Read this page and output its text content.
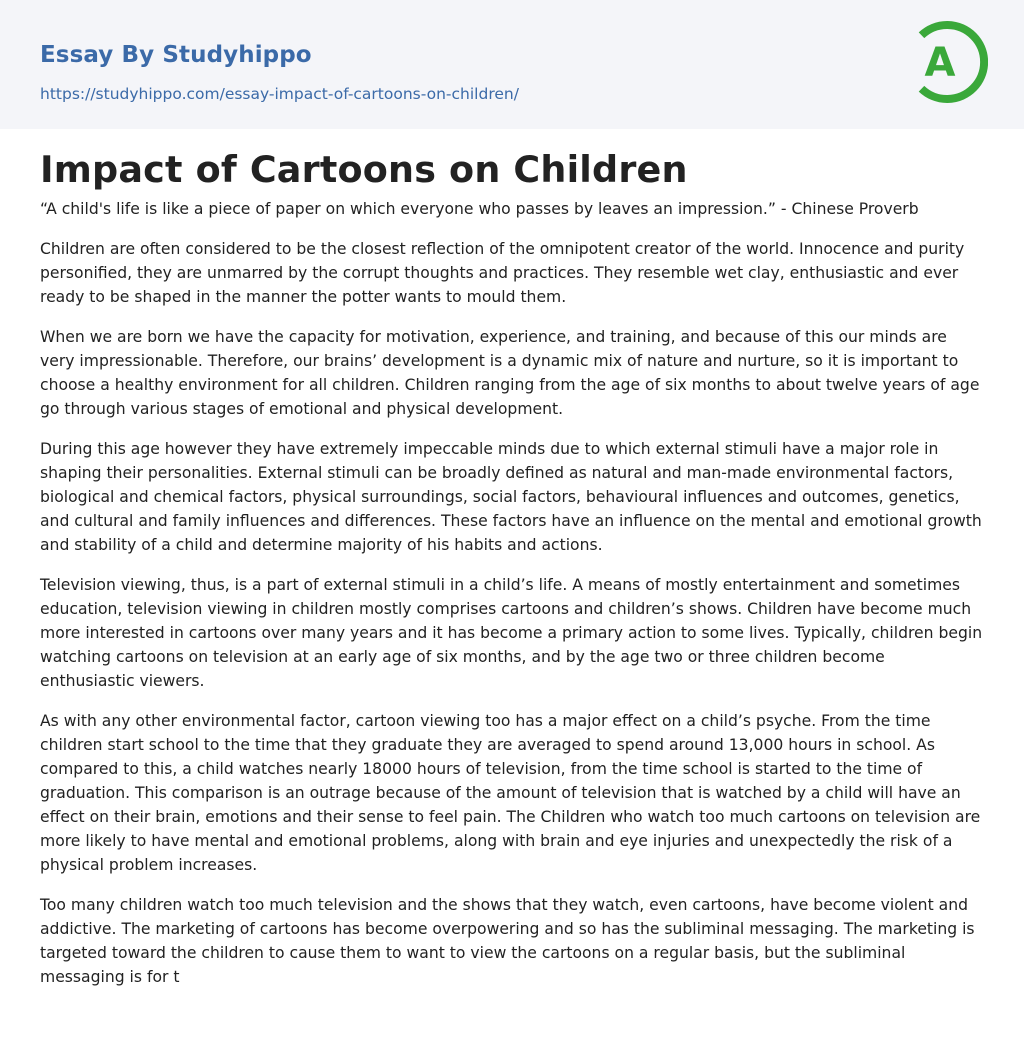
Essay By Studyhippo
https://studyhippo.com/essay-impact-of-cartoons-on-children/
A
Impact of Cartoons on Children

“A child's life is like a piece of paper on which everyone who passes by leaves an impression.” - Chinese Proverb

Children are often considered to be the closest reflection of the omnipotent creator of the world. Innocence and purity personified, they are unmarred by the corrupt thoughts and practices. They resemble wet clay, enthusiastic and ever ready to be shaped in the manner the potter wants to mould them.

When we are born we have the capacity for motivation, experience, and training, and because of this our minds are very impressionable. Therefore, our brains’ development is a dynamic mix of nature and nurture, so it is important to choose a healthy environment for all children. Children ranging from the age of six months to about twelve years of age go through various stages of emotional and physical development.

During this age however they have extremely impeccable minds due to which external stimuli have a major role in shaping their personalities. External stimuli can be broadly defined as natural and man-made environmental factors, biological and chemical factors, physical surroundings, social factors, behavioural influences and outcomes, genetics, and cultural and family influences and differences. These factors have an influence on the mental and emotional growth and stability of a child and determine majority of his habits and actions.

Television viewing, thus, is a part of external stimuli in a child’s life. A means of mostly entertainment and sometimes education, television viewing in children mostly comprises cartoons and children’s shows. Children have become much more interested in cartoons over many years and it has become a primary action to some lives. Typically, children begin watching cartoons on television at an early age of six months, and by the age two or three children become enthusiastic viewers.

As with any other environmental factor, cartoon viewing too has a major effect on a child’s psyche. From the time children start school to the time that they graduate they are averaged to spend around 13,000 hours in school. As compared to this, a child watches nearly 18000 hours of television, from the time school is started to the time of graduation. This comparison is an outrage because of the amount of television that is watched by a child will have an effect on their brain, emotions and their sense to feel pain. The Children who watch too much cartoons on television are more likely to have mental and emotional problems, along with brain and eye injuries and unexpectedly the risk of a physical problem increases.

Too many children watch too much television and the shows that they watch, even cartoons, have become violent and addictive. The marketing of cartoons has become overpowering and so has the subliminal messaging. The marketing is targeted toward the children to cause them to want to view the cartoons on a regular basis, but the subliminal messaging is for t
